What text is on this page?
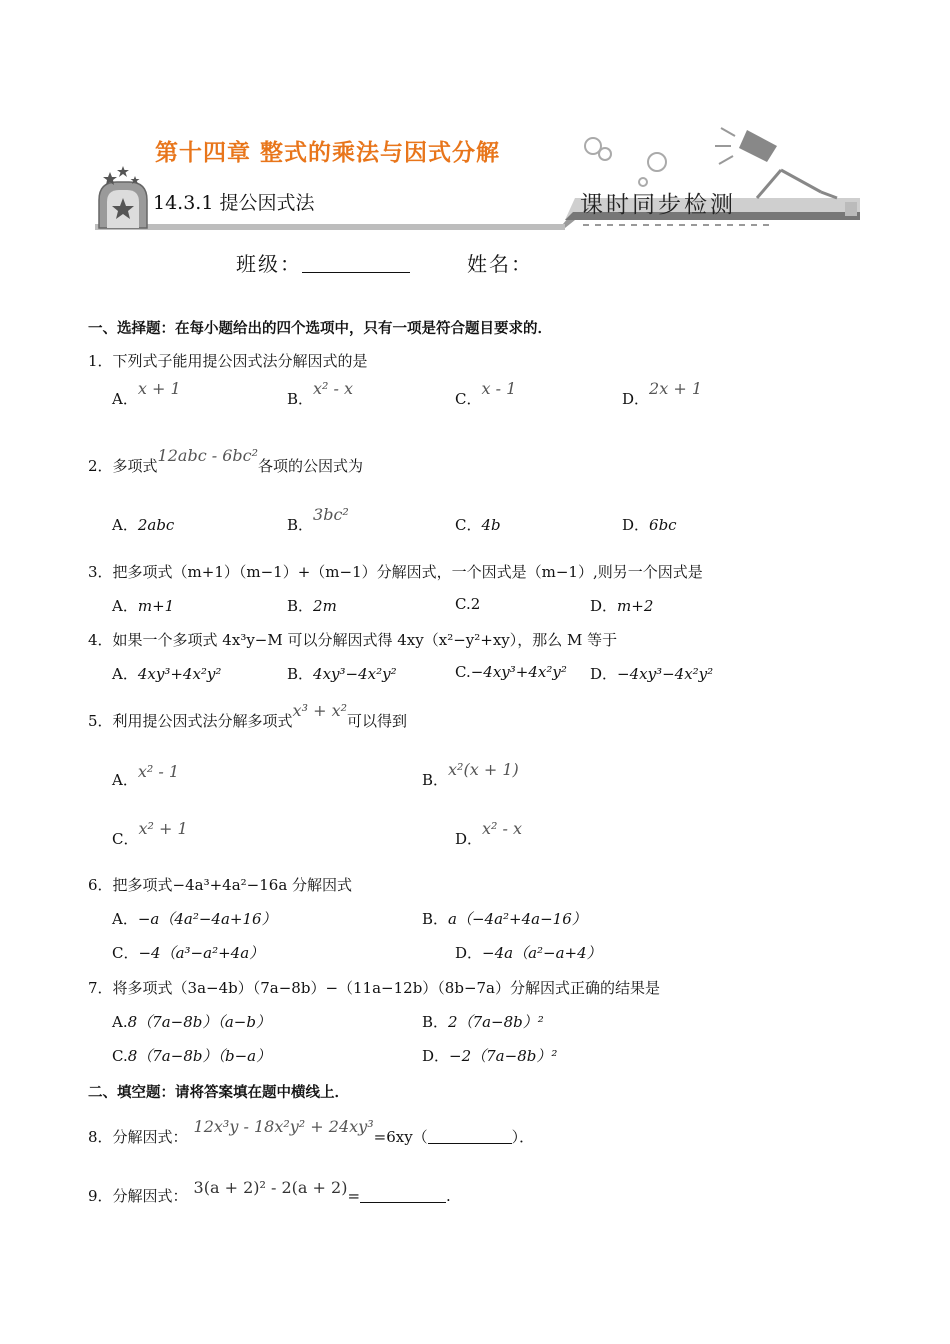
第十四章 整式的乘法与因式分解
14.3.1 提公因式法	课时同步检测
班级：	姓名：
一、选择题：在每小题给出的四个选项中，只有一项是符合题目要求的．
1．下列式子能用提公因式法分解因式的是
A．x + 1
B．x² - x
C．x - 1
D．2x + 1
2．多项式12abc - 6bc²各项的公因式为
A．2abc	B．3bc²
C．4b	D．6bc
3．把多项式（m+1）（m−1）+（m−1）分解因式，一个因式是（m−1）,则另一个因式是
A．m+1	B．2m	C.2	D．m+2
4．如果一个多项式 4x³y−M 可以分解因式得 4xy（x²−y²+xy），那么 M 等于
A．4xy³+4x²y²	B．4xy³−4x²y²	C.−4xy³+4x²y² D．−4xy³−4x²y²
5．利用提公因式法分解多项式x³ + x²可以得到
A．x² - 1	B．x²(x + 1)
C．x² + 1
D．x² - x
6．把多项式−4a³+4a²−16a 分解因式
A．−a（4a²−4a+16）	B．a（−4a²+4a−16）
C．−4（a³−a²+4a）	D．−4a（a²−a+4）
7．将多项式（3a−4b）（7a−8b）−（11a−12b）（8b−7a）分解因式正确的结果是
A.8（7a−8b）（a−b）	B．2（7a−8b）²
C.8（7a−8b）（b−a）	D．−2（7a−8b）²
二、填空题：请将答案填在题中横线上．
8．分解因式：12x³y - 18x²y² + 24xy³=6xy（	）．
9．分解因式： 3(a + 2)² - 2(a + 2)=	.
